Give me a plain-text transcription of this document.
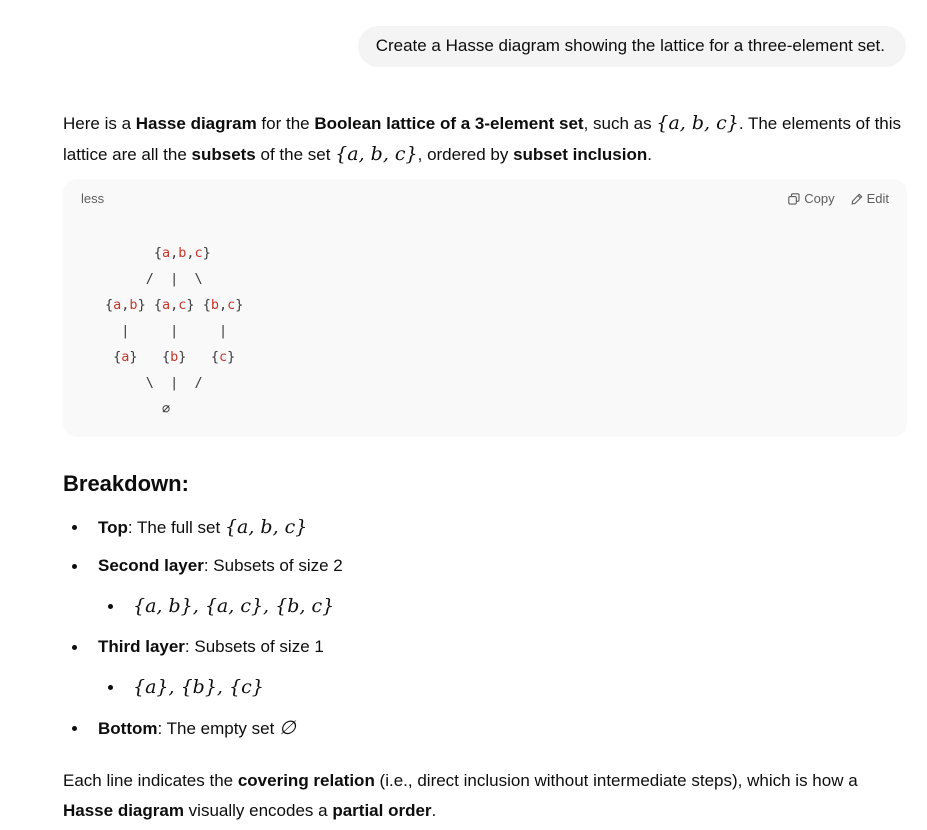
Create a Hasse diagram showing the lattice for a three-element set.

Here is a Hasse diagram for the Boolean lattice of a 3-element set, such as {a, b, c}. The elements of this lattice are all the subsets of the set {a, b, c}, ordered by subset inclusion.

less	Copy Edit
{a,b,c}
/ | \
{a,b} {a,c} {b,c}
|	|	|
{a} {b} {c}
\ | /
∅
Breakdown:
Top: The full set {a, b, c}
Second layer: Subsets of size 2
{a, b}, {a, c}, {b, c}
Third layer: Subsets of size 1
{a}, {b}, {c}
Bottom: The empty set ∅

Each line indicates the covering relation (i.e., direct inclusion without intermediate steps), which is how a Hasse diagram visually encodes a partial order.
